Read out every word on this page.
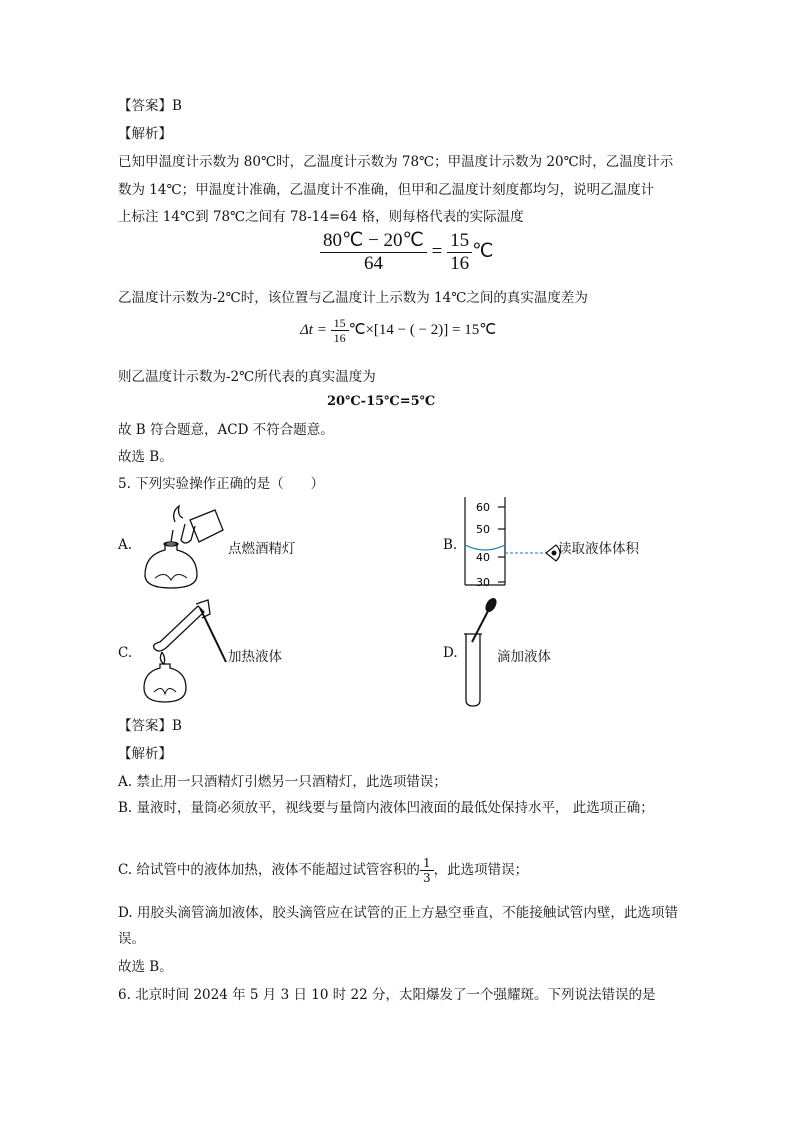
【答案】B
【解析】
已知甲温度计示数为 80℃时，乙温度计示数为 78℃；甲温度计示数为 20℃时，乙温度计示
数为 14℃；甲温度计准确，乙温度计不准确，但甲和乙温度计刻度都均匀，说明乙温度计
上标注 14℃到 78℃之间有 78-14=64 格，则每格代表的实际温度
$\frac{80℃ - 20℃}{64} = \frac{15}{16}$ ℃
乙温度计示数为-2℃时，该位置与乙温度计上示数为 14℃之间的真实温度差为
$\Delta t = \frac{15}{16}$ ℃×[14 − ( − 2)] = 15℃
则乙温度计示数为-2℃所代表的真实温度为
20℃-15℃=5℃
故 B 符合题意，ACD 不符合题意。
故选 B。
5. 下列实验操作正确的是（　　）
A.	点燃酒精灯	B.
60
50
40
30
读取液体体积
C.	加热液体	D.	滴加液体
【答案】B
【解析】
A. 禁止用一只酒精灯引燃另一只酒精灯，此选项错误；
B. 量液时，量筒必须放平，视线要与量筒内液体凹液面的最低处保持水平， 此选项正确；
C. 给试管中的液体加热，液体不能超过试管容积的 $\frac{1}{3}$ ，此选项错误；
D. 用胶头滴管滴加液体，胶头滴管应在试管的正上方悬空垂直，不能接触试管内壁，此选项错误。
故选 B。
6. 北京时间 2024 年 5 月 3 日 10 时 22 分，太阳爆发了一个强耀斑。下列说法错误的是
